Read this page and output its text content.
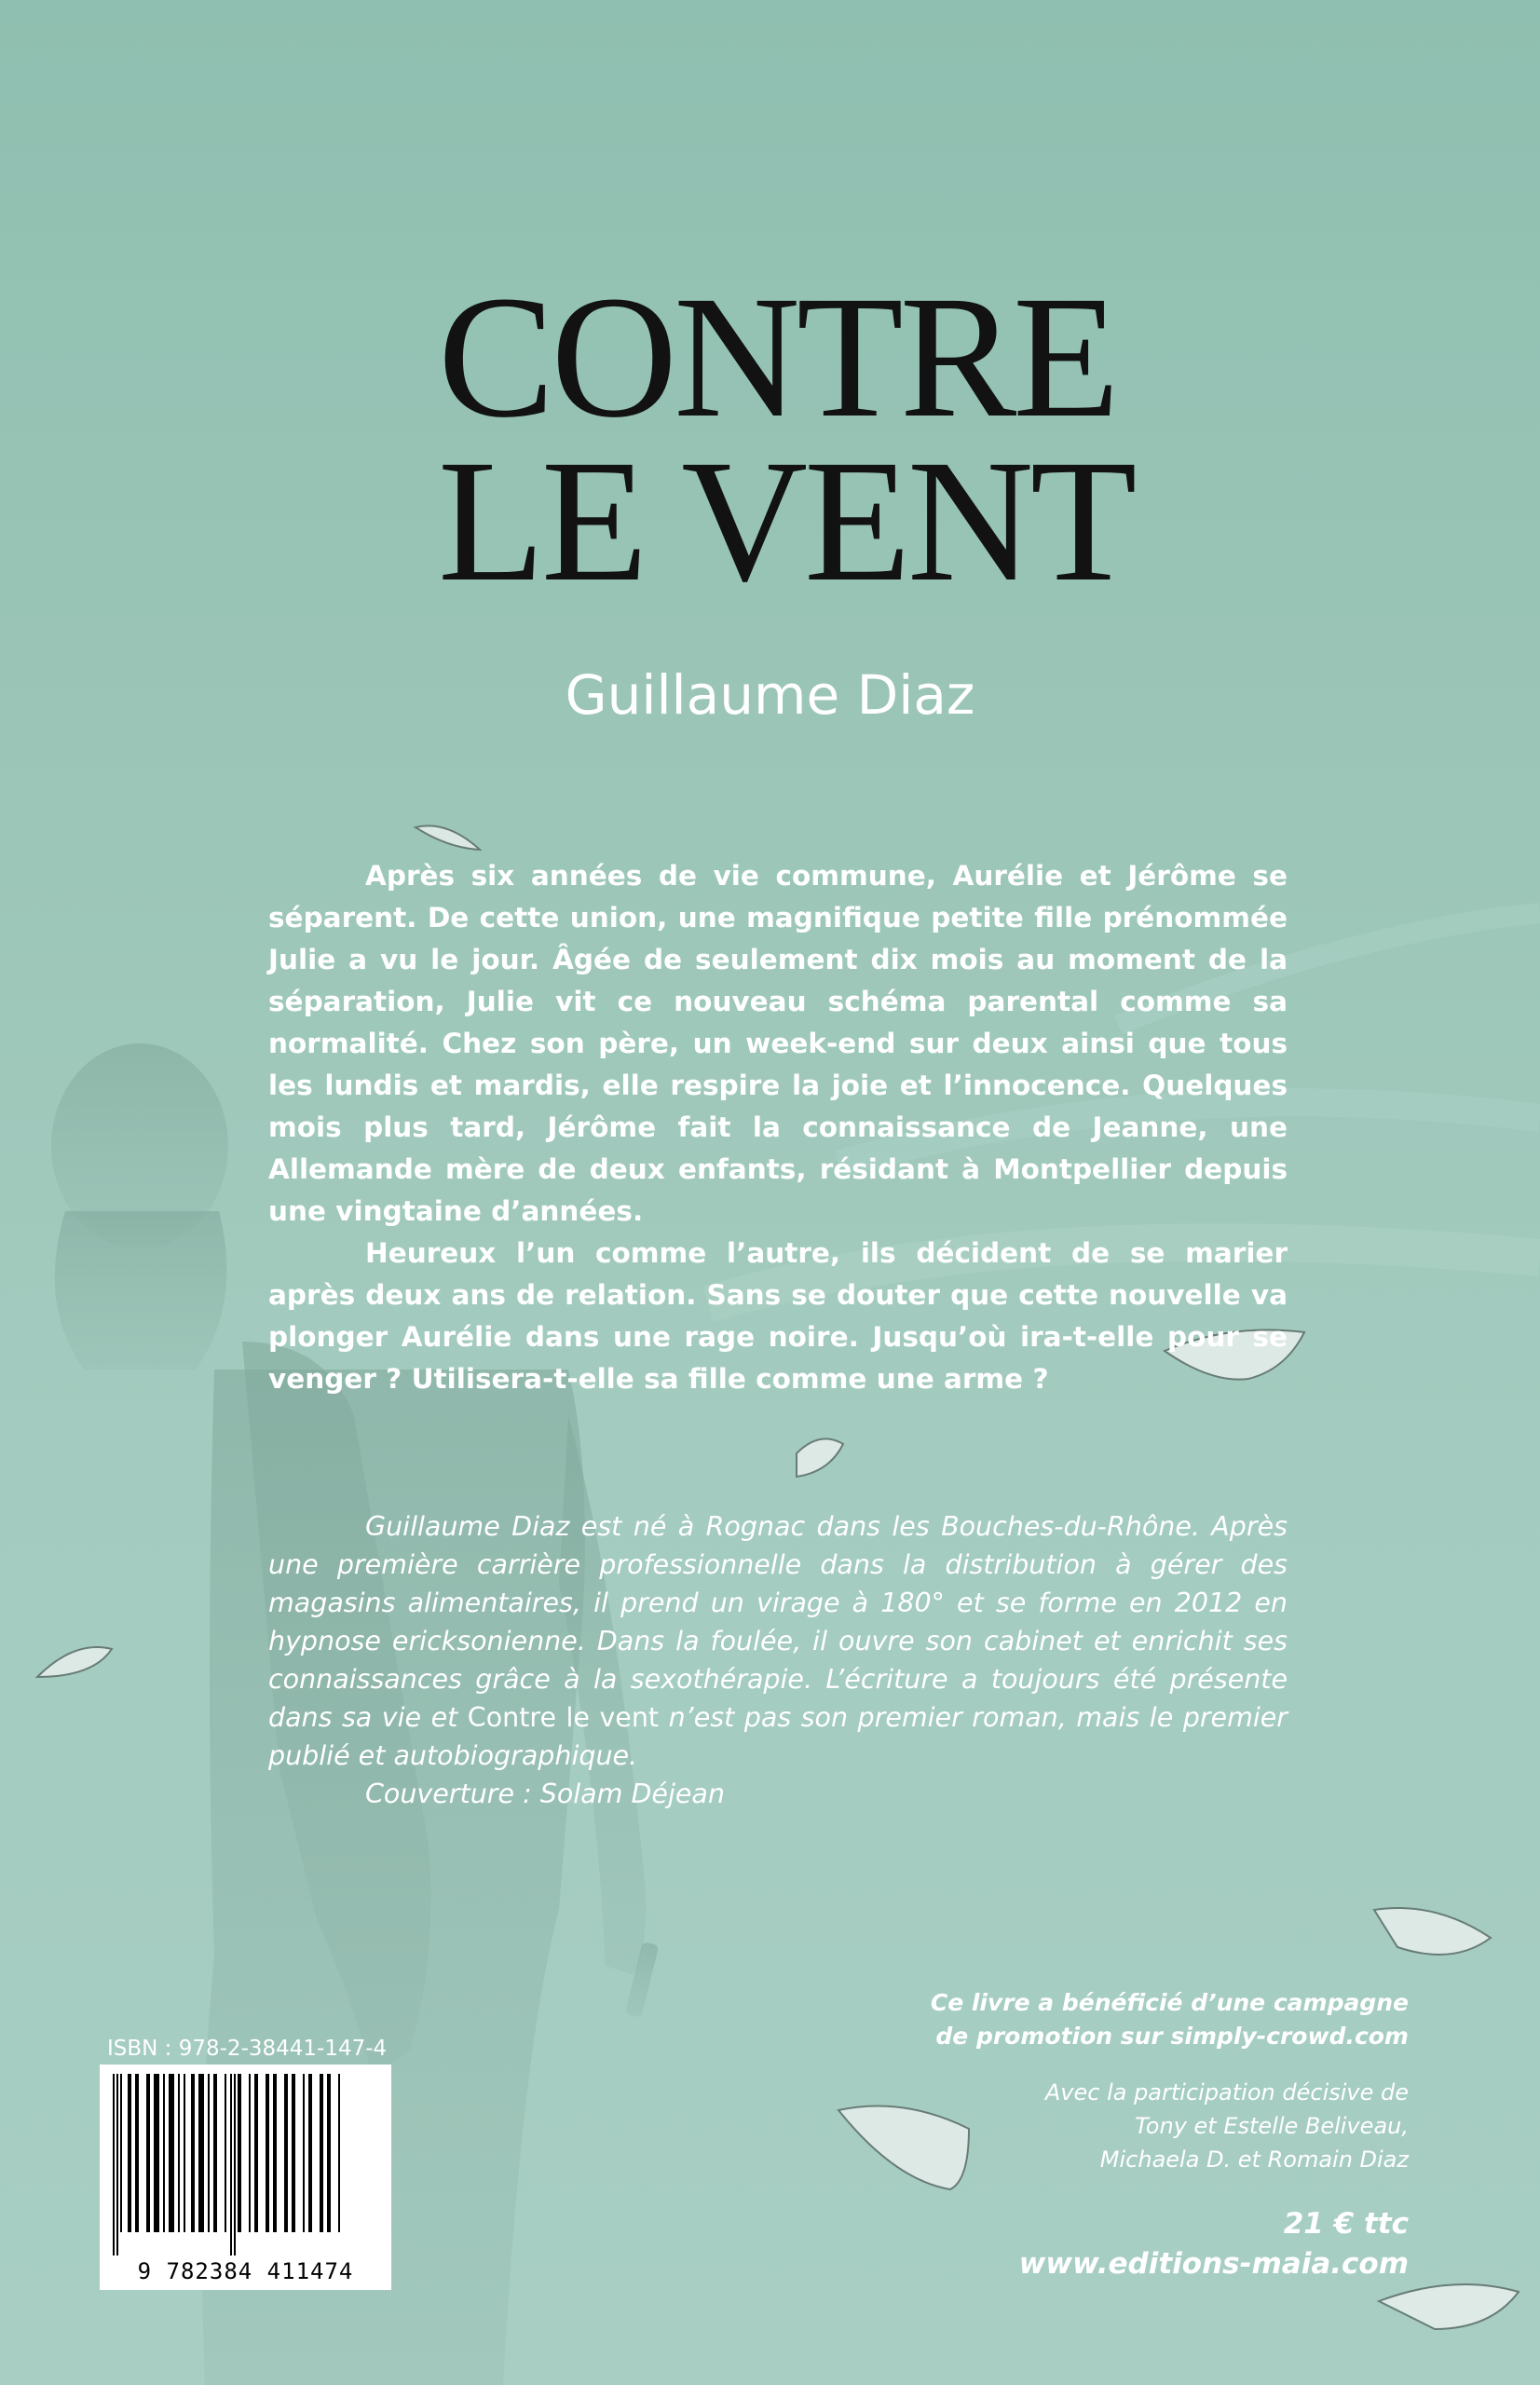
CONTRE
LE VENT
Guillaume Diaz

Après six années de vie commune, Aurélie et Jérôme se séparent. De cette union, une magnifique petite fille prénommée Julie a vu le jour. Âgée de seulement dix mois au moment de la séparation, Julie vit ce nouveau schéma parental comme sa normalité. Chez son père, un week-end sur deux ainsi que tous les lundis et mardis, elle respire la joie et l’innocence. Quelques mois plus tard, Jérôme fait la connaissance de Jeanne, une Allemande mère de deux enfants, résidant à Montpellier depuis une vingtaine d’années.

Heureux l’un comme l’autre, ils décident de se marier après deux ans de relation. Sans se douter que cette nouvelle va plonger Aurélie dans une rage noire. Jusqu’où ira-t-elle pour se venger ? Utilisera-t-elle sa fille comme une arme ?

Guillaume Diaz est né à Rognac dans les Bouches-du-Rhône. Après une première carrière professionnelle dans la distribution à gérer des magasins alimentaires, il prend un virage à 180° et se forme en 2012 en hypnose ericksonienne. Dans la foulée, il ouvre son cabinet et enrichit ses connaissances grâce à la sexothérapie. L’écriture a toujours été présente dans sa vie et Contre le vent n’est pas son premier roman, mais le premier publié et autobiographique.

Couverture : Solam Déjean

ISBN : 978-2-38441-147-4
9 782384 411474
Ce livre a bénéficié d’une campagne
de promotion sur simply-crowd.com
Avec la participation décisive de
Tony et Estelle Beliveau,
Michaela D. et Romain Diaz
21 € ttc
www.editions-maia.com
